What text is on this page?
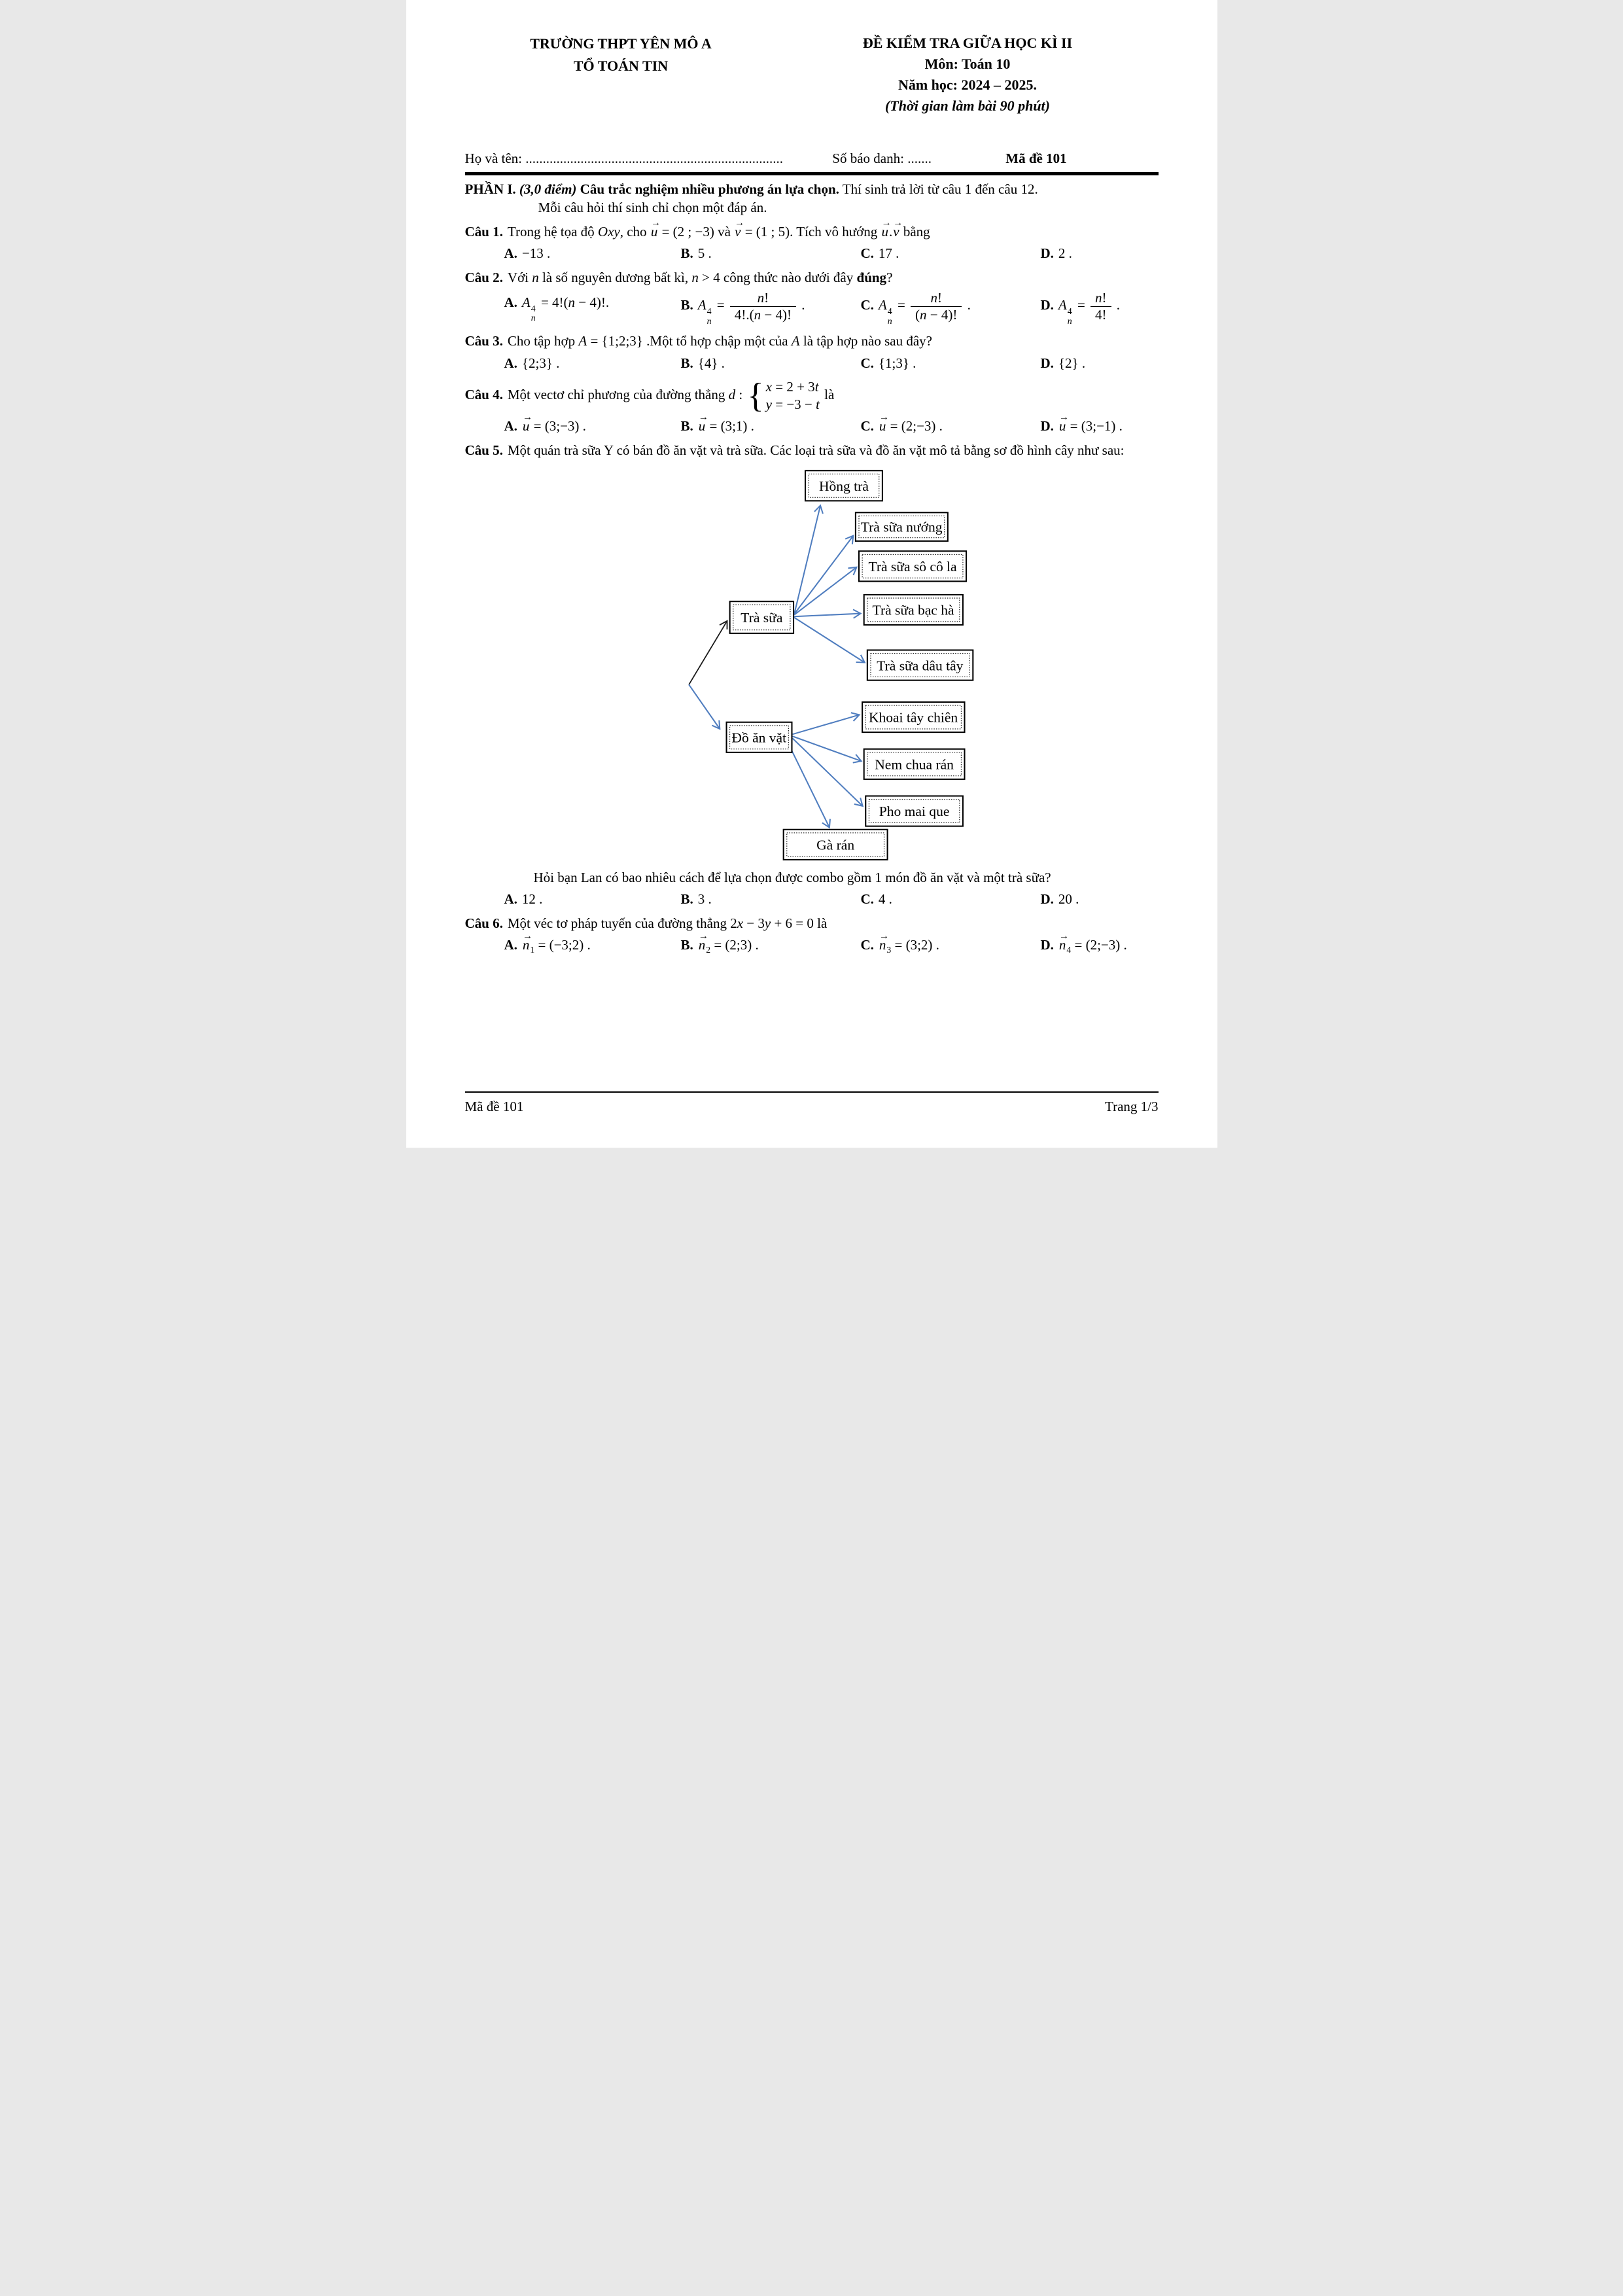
TRƯỜNG THPT YÊN MÔ A
TỔ TOÁN TIN
ĐỀ KIỂM TRA GIỮA HỌC KÌ II
Môn: Toán 10
Năm học: 2024 – 2025.
(Thời gian làm bài 90 phút)
Họ và tên: ...........................................................................	Số báo danh: .......	Mã đề 101
PHẦN I. (3,0 điểm) Câu trắc nghiệm nhiều phương án lựa chọn. Thí sinh trả lời từ câu 1 đến câu 12.
Mỗi câu hỏi thí sinh chỉ chọn một đáp án.
Câu 1. Trong hệ tọa độ Oxy, cho
→
u = (2 ; −3) và
→
v = (1 ; 5). Tích vô hướng
→
u.
→
v bằng
A. −13 .	B. 5 .	C. 17 .	D. 2 .
Câu 2. Với n là số nguyên dương bất kì, n > 4 công thức nào dưới đây đúng?
A. A 4
n
= 4!(n − 4)!.	B. A 4
n
= $\frac{n!}{4!.(n - 4)!}$ .	C. A 4
n
= $\frac{n!}{(n - 4)!}$ .	D. A 4
n
= $\frac{n!}{4!}$ .
Câu 3. Cho tập hợp A = {1;2;3} .Một tổ hợp chập một của A là tập hợp nào sau đây?
A. {2;3} .	B. {4} .	C. {1;3} .	D. {2} .
Câu 4. Một vectơ chỉ phương của đường thẳng d : { x = 2 + 3t
y = −3 − t
là
A.
→
u = (3;−3) .	B.
→
u = (3;1) .	C.
→
u = (2;−3) .	D.
→
u = (3;−1) .
Câu 5. Một quán trà sữa Y có bán đồ ăn vặt và trà sữa. Các loại trà sữa và đồ ăn vặt mô tả bằng sơ đồ hình cây như sau:
Trà sữa
Đồ ăn vặt
Hồng trà
Trà sữa nướng
Trà sữa sô cô la
Trà sữa bạc hà
Trà sữa dâu tây
Khoai tây chiên
Nem chua rán
Pho mai que
Gà rán
Hỏi bạn Lan có bao nhiêu cách để lựa chọn được combo gồm 1 món đồ ăn vặt và một trà sữa?
A. 12 .	B. 3 .	C. 4 .	D. 20 .
Câu 6. Một véc tơ pháp tuyến của đường thẳng 2x − 3y + 6 = 0 là
A.
→
$n_1$ = (−3;2) .	B.
→
$n_2$ = (2;3) .	C.
→
$n_3$ = (3;2) .	D.
→
$n_4$ = (2;−3) .
Mã đề 101	Trang 1/3
